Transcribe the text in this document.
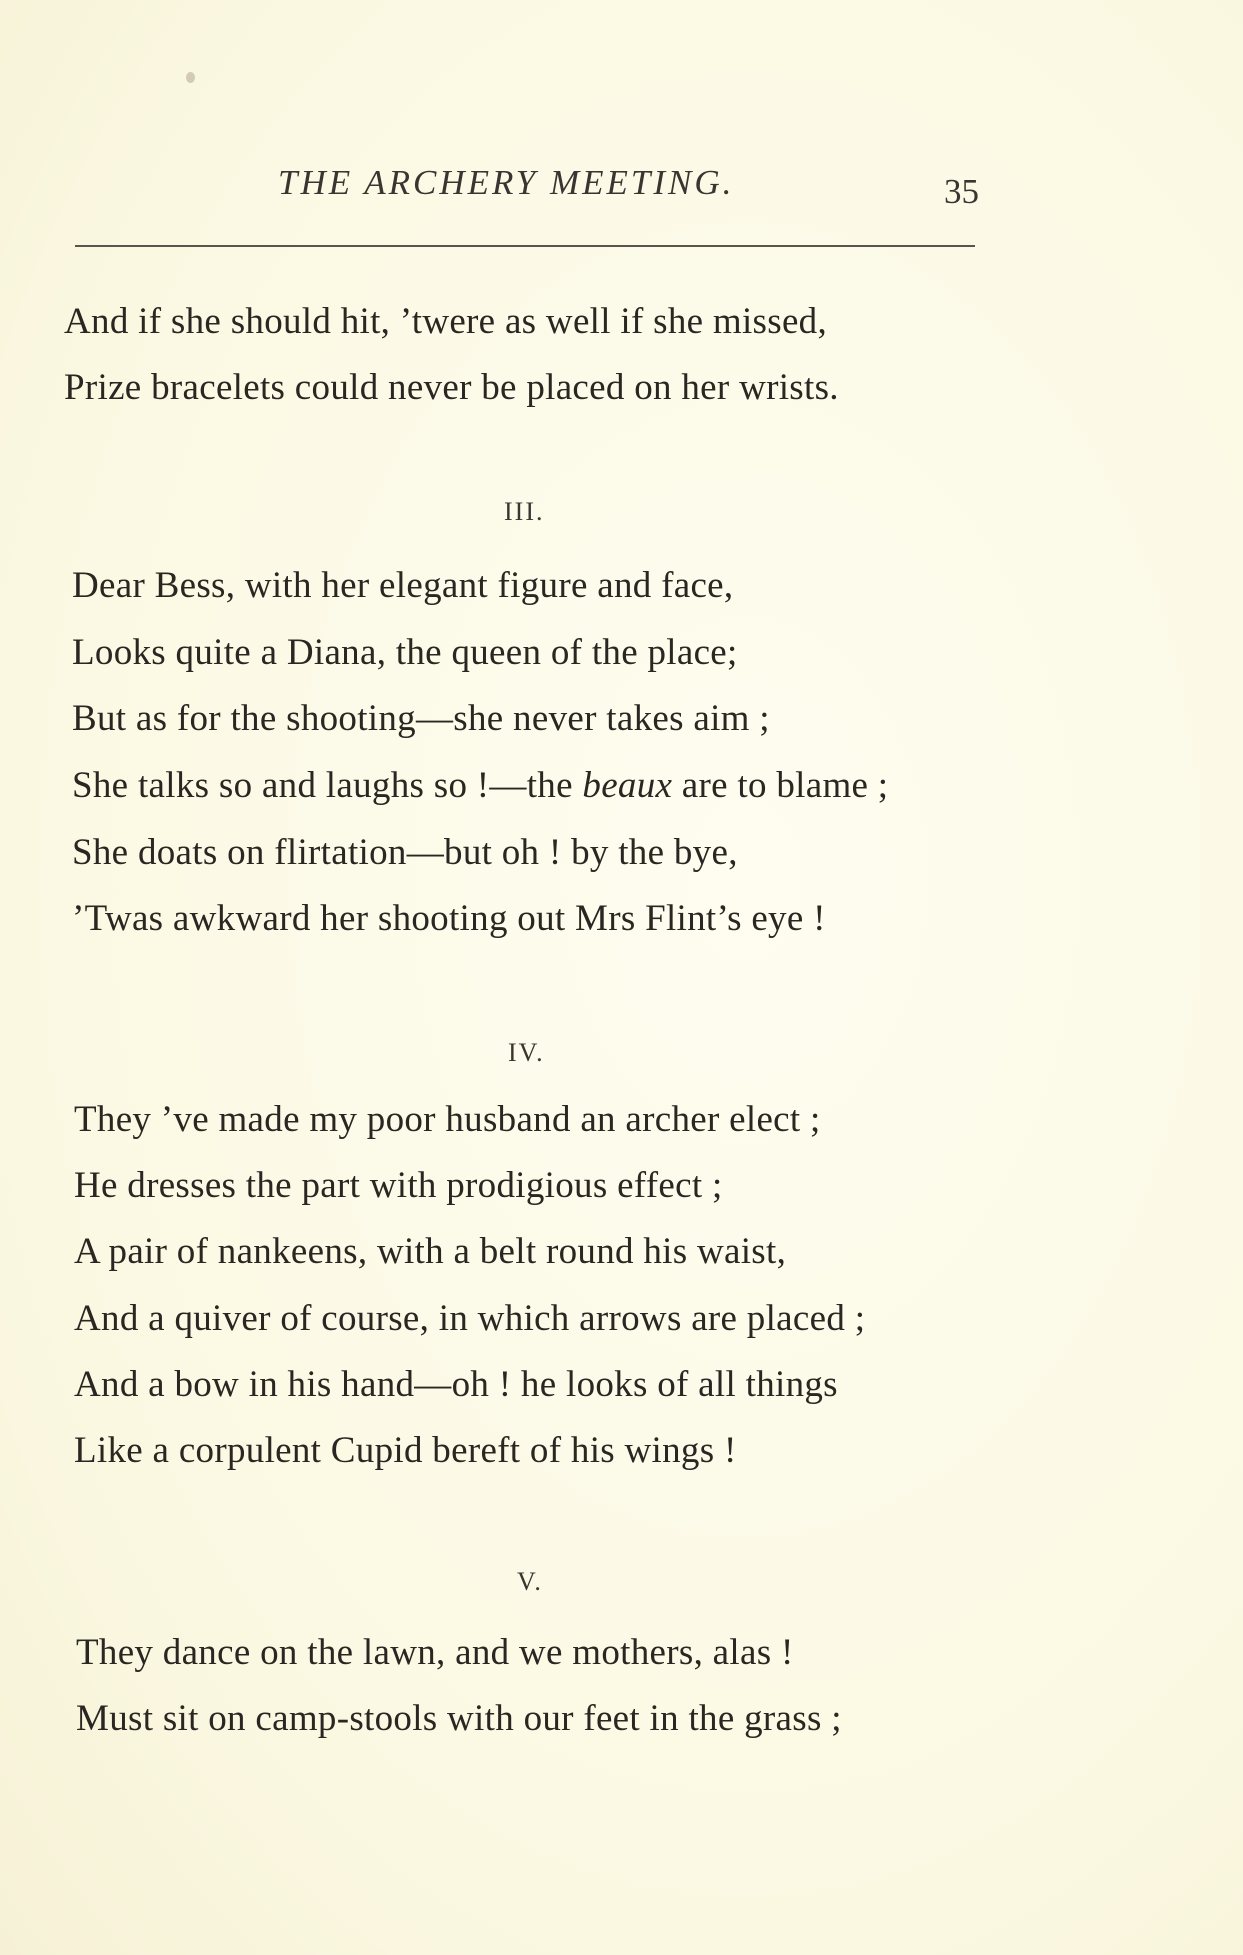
THE ARCHERY MEETING.	35
And if she should hit, ’twere as well if she missed,
Prize bracelets could never be placed on her wrists.
III.
Dear Bess, with her elegant figure and face,
Looks quite a Diana, the queen of the place;
But as for the shooting—she never takes aim ;
She talks so and laughs so !—the beaux are to blame ;
She doats on flirtation—but oh ! by the bye,
’Twas awkward her shooting out Mrs Flint’s eye !
IV.
They ’ve made my poor husband an archer elect ;
He dresses the part with prodigious effect ;
A pair of nankeens, with a belt round his waist,
And a quiver of course, in which arrows are placed ;
And a bow in his hand—oh ! he looks of all things
Like a corpulent Cupid bereft of his wings !
V.
They dance on the lawn, and we mothers, alas !
Must sit on camp-stools with our feet in the grass ;
